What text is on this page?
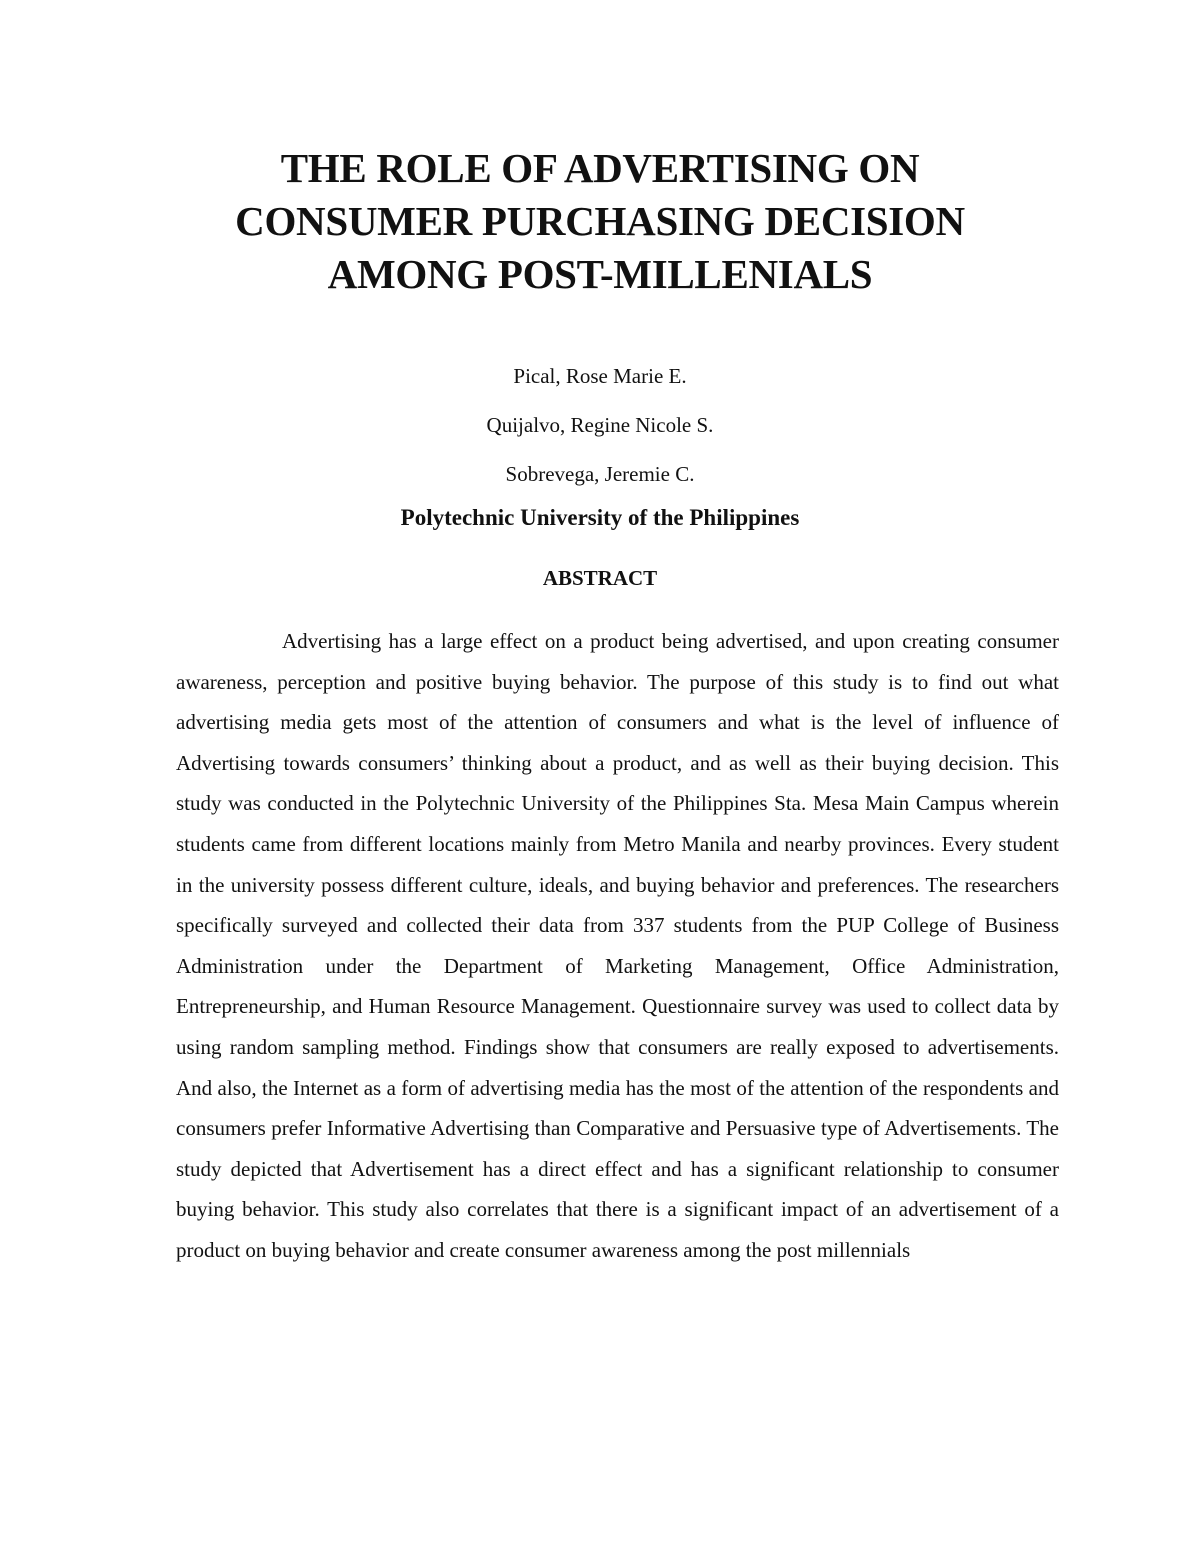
THE ROLE OF ADVERTISING ON
CONSUMER PURCHASING DECISION
AMONG POST-MILLENIALS
Pical, Rose Marie E.
Quijalvo, Regine Nicole S.
Sobrevega, Jeremie C.
Polytechnic University of the Philippines
ABSTRACT

Advertising has a large effect on a product being advertised, and upon creating consumer awareness, perception and positive buying behavior. The purpose of this study is to find out what advertising media gets most of the attention of consumers and what is the level of influence of Advertising towards consumers’ thinking about a product, and as well as their buying decision. This study was conducted in the Polytechnic University of the Philippines Sta. Mesa Main Campus wherein students came from different locations mainly from Metro Manila and nearby provinces. Every student in the university possess different culture, ideals, and buying behavior and preferences. The researchers specifically surveyed and collected their data from 337 students from the PUP College of Business Administration under the Department of Marketing Management, Office Administration, Entrepreneurship, and Human Resource Management. Questionnaire survey was used to collect data by using random sampling method. Findings show that consumers are really exposed to advertisements. And also, the Internet as a form of advertising media has the most of the attention of the respondents and consumers prefer Informative Advertising than Comparative and Persuasive type of Advertisements. The study depicted that Advertisement has a direct effect and has a significant relationship to consumer buying behavior. This study also correlates that there is a significant impact of an advertisement of a product on buying behavior and create consumer awareness among the post millennials
